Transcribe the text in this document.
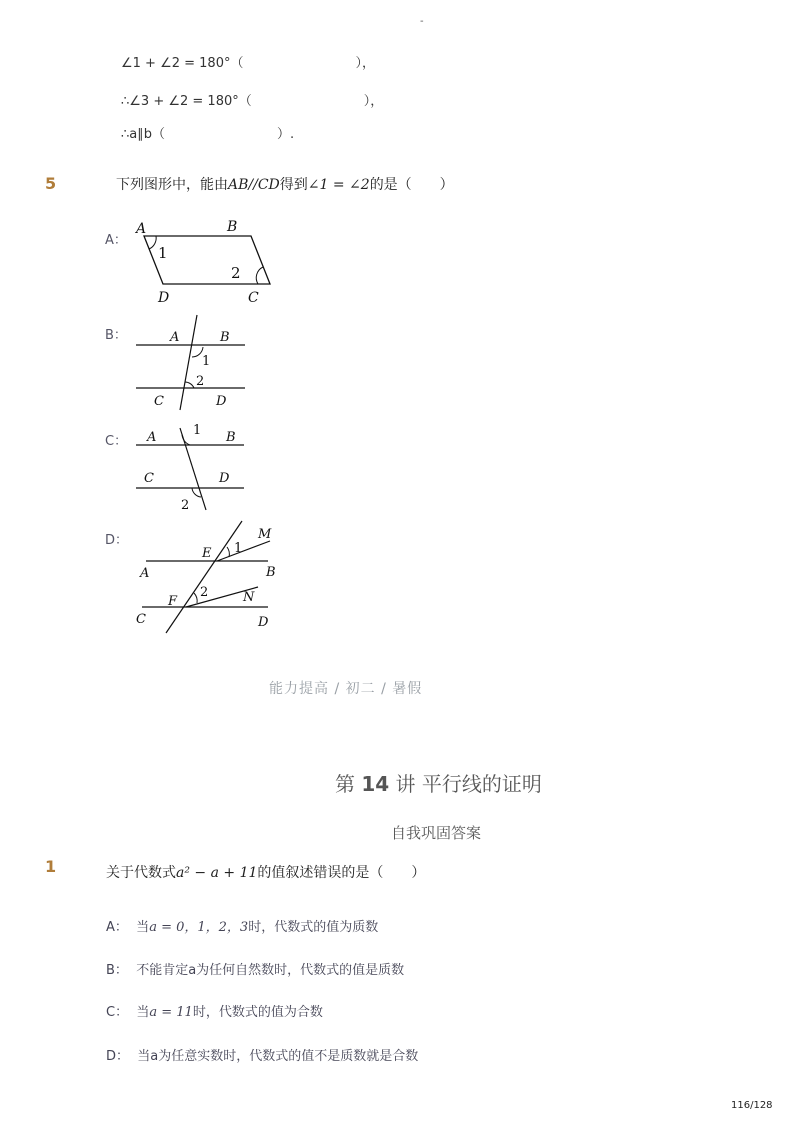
-
∠1 + ∠2 = 180°（	），
∴∠3 + ∠2 = 180°（	），
∴a∥b（	）.
5	下列图形中，能由AB//CD得到∠1 = ∠2的是（　　）
A：
A	B
C
D
1
2
B：	A	B
C	D
1
2
C： A	B
C	D
1
2
D：
A	B
C	D
E
F
M
N
1
2
能力提高 / 初二 / 暑假
第 14 讲 平行线的证明
自我巩固答案
1	关于代数式a² − a + 11的值叙述错误的是（　　）
A： 当a = 0，1，2，3时，代数式的值为质数
B： 不能肯定a为任何自然数时，代数式的值是质数
C： 当a = 11时，代数式的值为合数
D： 当a为任意实数时，代数式的值不是质数就是合数
116/128
